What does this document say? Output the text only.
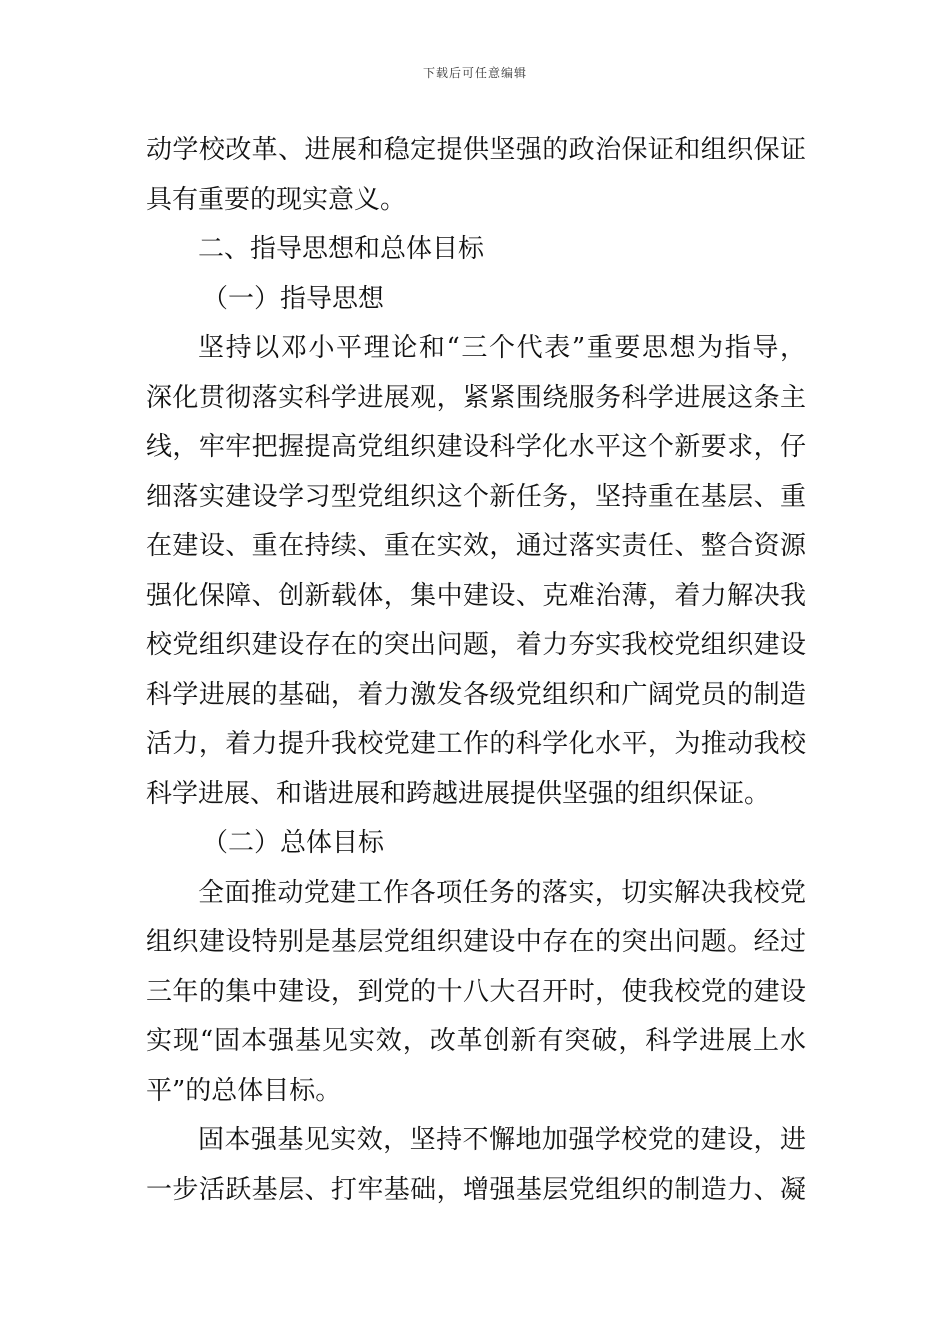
下载后可任意编辑
动学校改革、进展和稳定提供坚强的政治保证和组织保证
具有重要的现实意义。
二、指导思想和总体目标
（一）指导思想
坚持以邓小平理论和“三个代表”重要思想为指导，
深化贯彻落实科学进展观，紧紧围绕服务科学进展这条主
线，牢牢把握提高党组织建设科学化水平这个新要求，仔
细落实建设学习型党组织这个新任务，坚持重在基层、重
在建设、重在持续、重在实效，通过落实责任、整合资源
强化保障、创新载体，集中建设、克难治薄，着力解决我
校党组织建设存在的突出问题，着力夯实我校党组织建设
科学进展的基础，着力激发各级党组织和广阔党员的制造
活力，着力提升我校党建工作的科学化水平，为推动我校
科学进展、和谐进展和跨越进展提供坚强的组织保证。
（二）总体目标
全面推动党建工作各项任务的落实，切实解决我校党
组织建设特别是基层党组织建设中存在的突出问题。经过
三年的集中建设，到党的十八大召开时，使我校党的建设
实现“固本强基见实效，改革创新有突破，科学进展上水
平”的总体目标。
固本强基见实效，坚持不懈地加强学校党的建设，进
一步活跃基层、打牢基础，增强基层党组织的制造力、凝
